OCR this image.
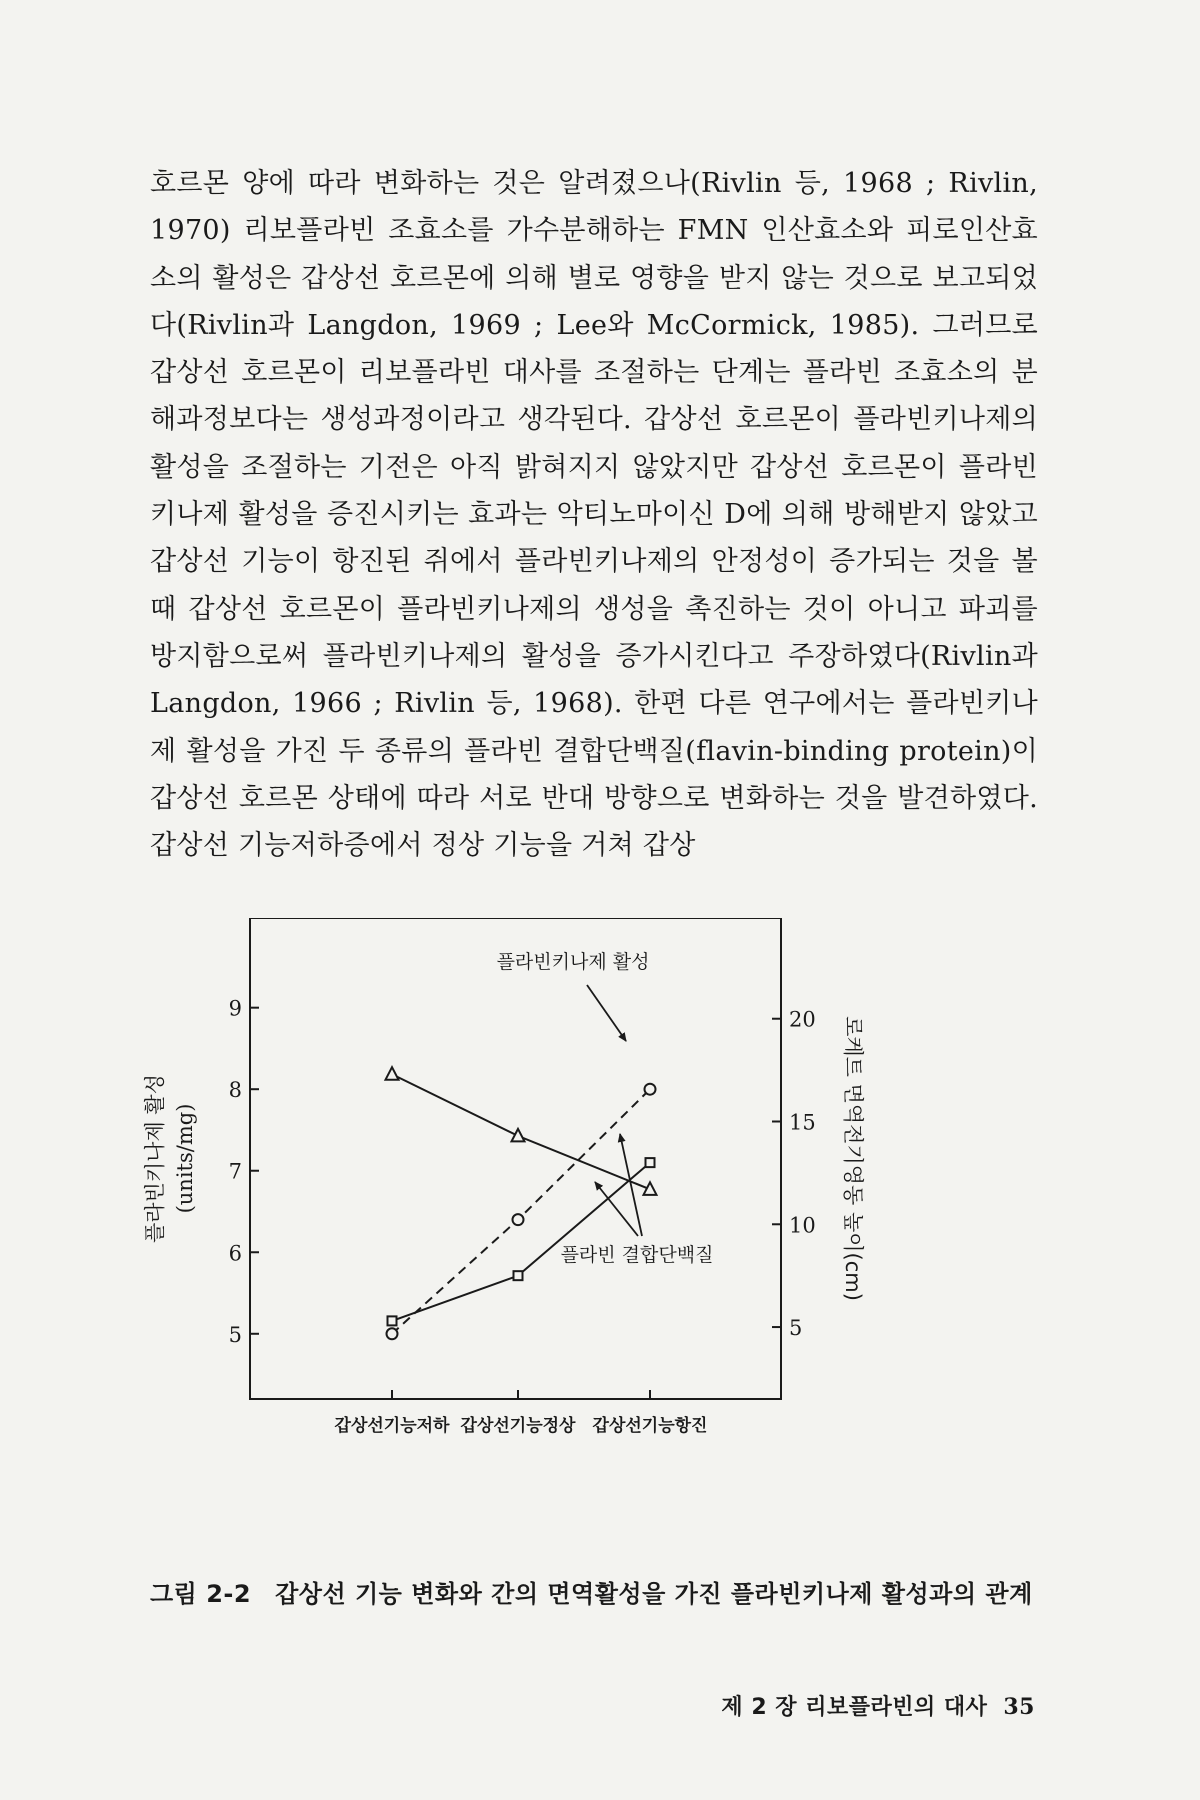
호르몬 양에 따라 변화하는 것은 알려졌으나(Rivlin 등, 1968 ; Rivlin, 1970) 리보플라빈 조효소를 가수분해하는 FMN 인산효소와 피로인산효소의 활성은 갑상선 호르몬에 의해 별로 영향을 받지 않는 것으로 보고되었다(Rivlin과 Langdon, 1969 ; Lee와 McCormick, 1985). 그러므로 갑상선 호르몬이 리보플라빈 대사를 조절하는 단계는 플라빈 조효소의 분해과정보다는 생성과정이라고 생각된다. 갑상선 호르몬이 플라빈키나제의 활성을 조절하는 기전은 아직 밝혀지지 않았지만 갑상선 호르몬이 플라빈키나제 활성을 증진시키는 효과는 악티노마이신 D에 의해 방해받지 않았고 갑상선 기능이 항진된 쥐에서 플라빈키나제의 안정성이 증가되는 것을 볼 때 갑상선 호르몬이 플라빈키나제의 생성을 촉진하는 것이 아니고 파괴를 방지함으로써 플라빈키나제의 활성을 증가시킨다고 주장하였다(Rivlin과 Langdon, 1966 ; Rivlin 등, 1968). 한편 다른 연구에서는 플라빈키나제 활성을 가진 두 종류의 플라빈 결합단백질(flavin-binding protein)이 갑상선 호르몬 상태에 따라 서로 반대 방향으로 변화하는 것을 발견하였다. 갑상선 기능저하증에서 정상 기능을 거쳐 갑상

5
6
7
8
9
5
10
15
20
갑상선기능저하 갑상선기능정상 갑상선기능항진
플라빈키나제 활성 (units/mg)	로케트 면역전기영동 높이(cm)
플라빈키나제 활성
플라빈 결합단백질
그림 2-2 갑상선 기능 변화와 간의 면역활성을 가진 플라빈키나제 활성과의 관계
제 2 장 리보플라빈의 대사 35
